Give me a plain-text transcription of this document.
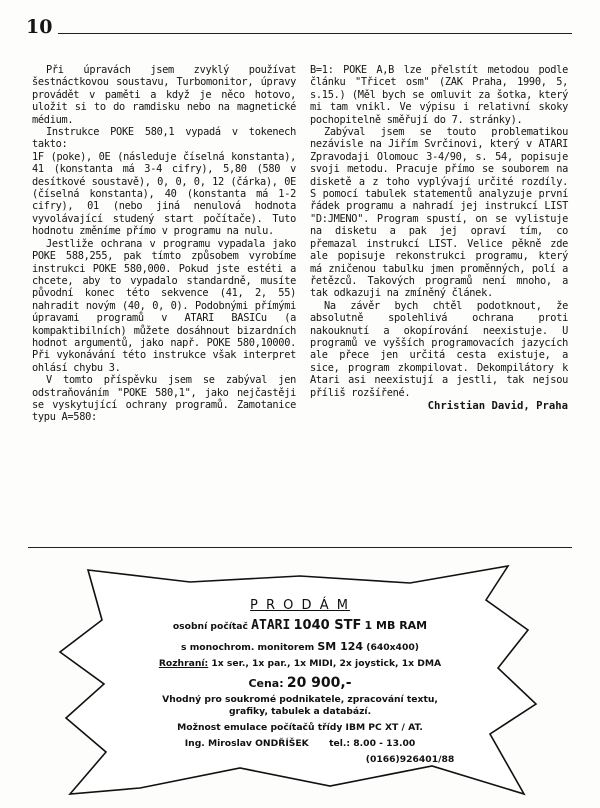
10

Při úpravách jsem zvyklý používat šestnáctkovou soustavu, Turbomonitor, úpravy provádět v paměti a když je něco hotovo, uložit si to do ramdisku nebo na magnetické médium.

Instrukce POKE 580,1 vypadá v tokenech takto:

1F (poke), 0E (následuje číselná konstanta), 41 (konstanta má 3-4 cifry), 5,80 (580 v desítkové soustavě), 0, 0, 0, 12 (čárka), 0E (číselná konstanta), 40 (konstanta má 1-2 cifry), 01 (nebo jiná nenulová hodnota vyvolávající studený start počítače). Tuto hodnotu změníme přímo v programu na nulu.

Jestliže ochrana v programu vypadala jako POKE 588,255, pak tímto způsobem vyrobíme instrukci POKE 580,000. Pokud jste estéti a chcete, aby to vypadalo standardně, musíte původní konec této sekvence (41, 2, 55) nahradit novým (40, 0, 0). Podobnými přímými úpravami programů v ATARI BASICu (a kompaktibilních) můžete dosáhnout bizardních hodnot argumentů, jako např. POKE 580,10000. Při vykonávání této instrukce však interpret ohlásí chybu 3.

V tomto příspěvku jsem se zabýval jen odstraňováním "POKE 580,1", jako nejčastěji se vyskytující ochrany programů. Zamotanice typu A=580:

B=1: POKE A,B lze přelstít metodou podle článku "Třicet osm" (ZAK Praha, 1990, 5, s.15.) (Měl bych se omluvit za šotka, který mi tam vnikl. Ve výpisu i relativní skoky pochopitelně směřují do 7. stránky).

Zabýval jsem se touto problematikou nezávisle na Jiřím Svrčinovi, který v ATARI Zpravodaji Olomouc 3-4/90, s. 54, popisuje svoji metodu. Pracuje přímo se souborem na disketě a z toho vyplývají určité rozdíly. S pomocí tabulek statementů analyzuje první řádek programu a nahradí jej instrukcí LIST "D:JMENO". Program spustí, on se vylistuje na disketu a pak jej opraví tím, co přemazal instrukcí LIST. Velice pěkně zde ale popisuje rekonstrukci programu, který má zničenou tabulku jmen proměnných, polí a řetězců. Takových programů není mnoho, a tak odkazuji na zmíněný článek.

Na závěr bych chtěl podotknout, že absolutně spolehlivá ochrana proti nakouknutí a okopírování neexistuje. U programů ve vyšších programovacích jazycích ale přece jen určitá cesta existuje, a sice, program zkompilovat. Dekompilátory k Atari asi neexistují a jestli, tak nejsou příliš rozšířené.

Christian David, Praha
P R O D Á M
osobní počítač ATARI 1040 STF 1 MB RAM
s monochrom. monitorem SM 124 (640x400)
Rozhraní: 1x ser., 1x par., 1x MIDI, 2x joystick, 1x DMA
Cena: 20 900,-
Vhodný pro soukromé podnikatele, zpracování textu,
grafiky, tabulek a databází.
Možnost emulace počítačů třídy IBM PC XT / AT.
Ing. Miroslav ONDŘÍŠEK tel.: 8.00 - 13.00
(0166)926401/88
